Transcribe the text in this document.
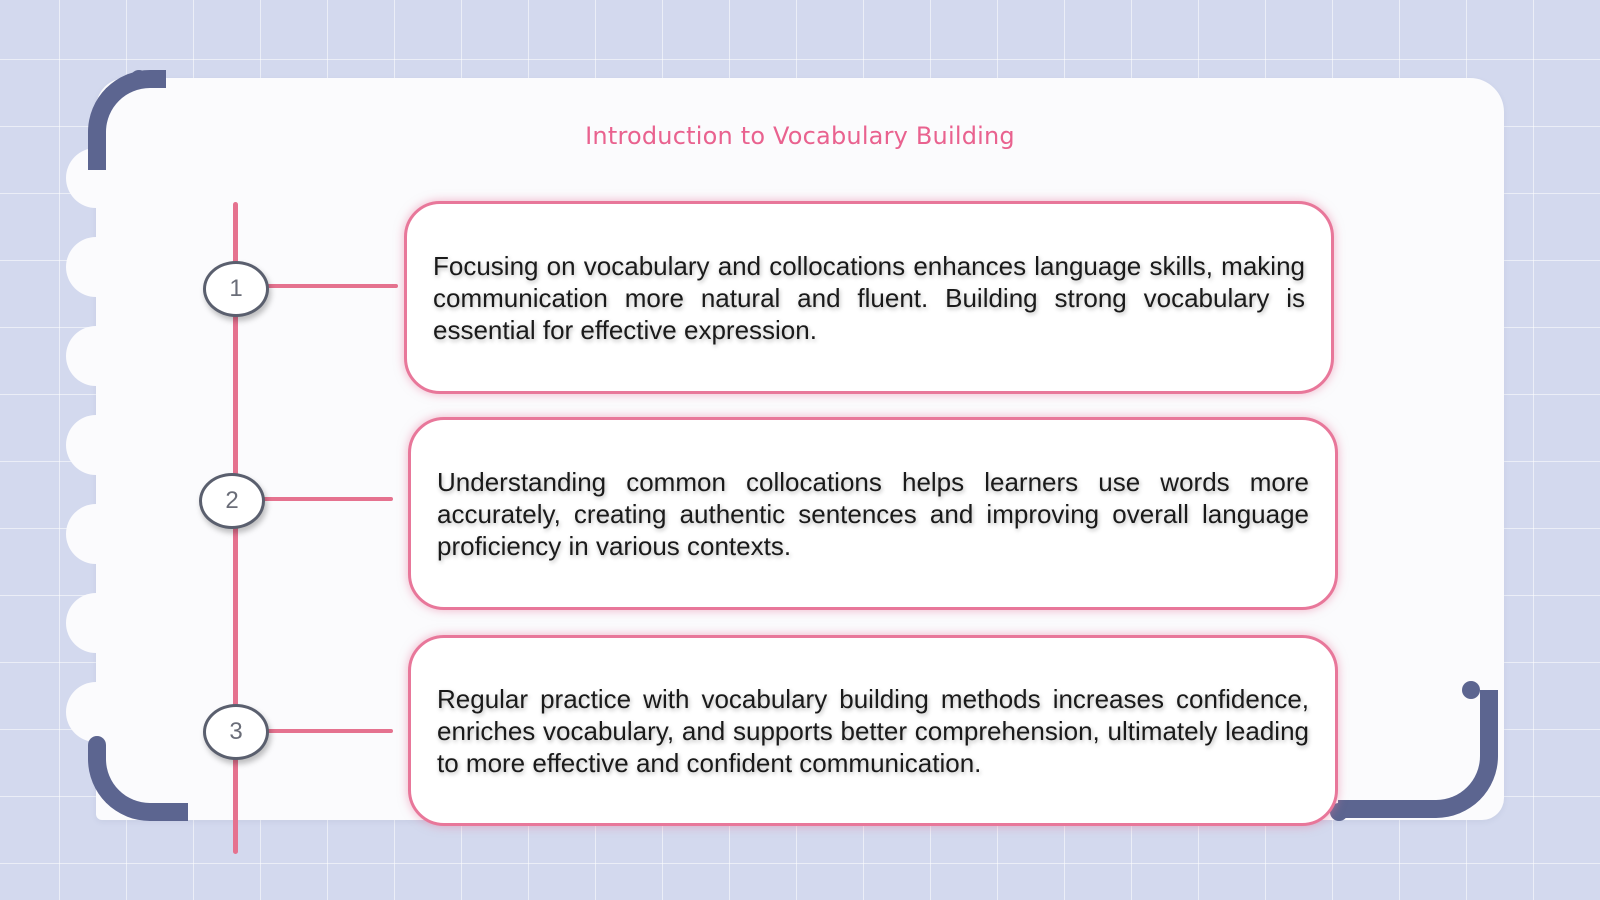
Introduction to Vocabulary Building
1
2
3

Focusing on vocabulary and collocations enhances language skills, making communication more natural and fluent. Building strong vocabulary is essential for effective expression.

Understanding common collocations helps learners use words more accurately, creating authentic sentences and improving overall language proficiency in various contexts.

Regular practice with vocabulary building methods increases confidence, enriches vocabulary, and supports better comprehension, ultimately leading to more effective and confident communication.
